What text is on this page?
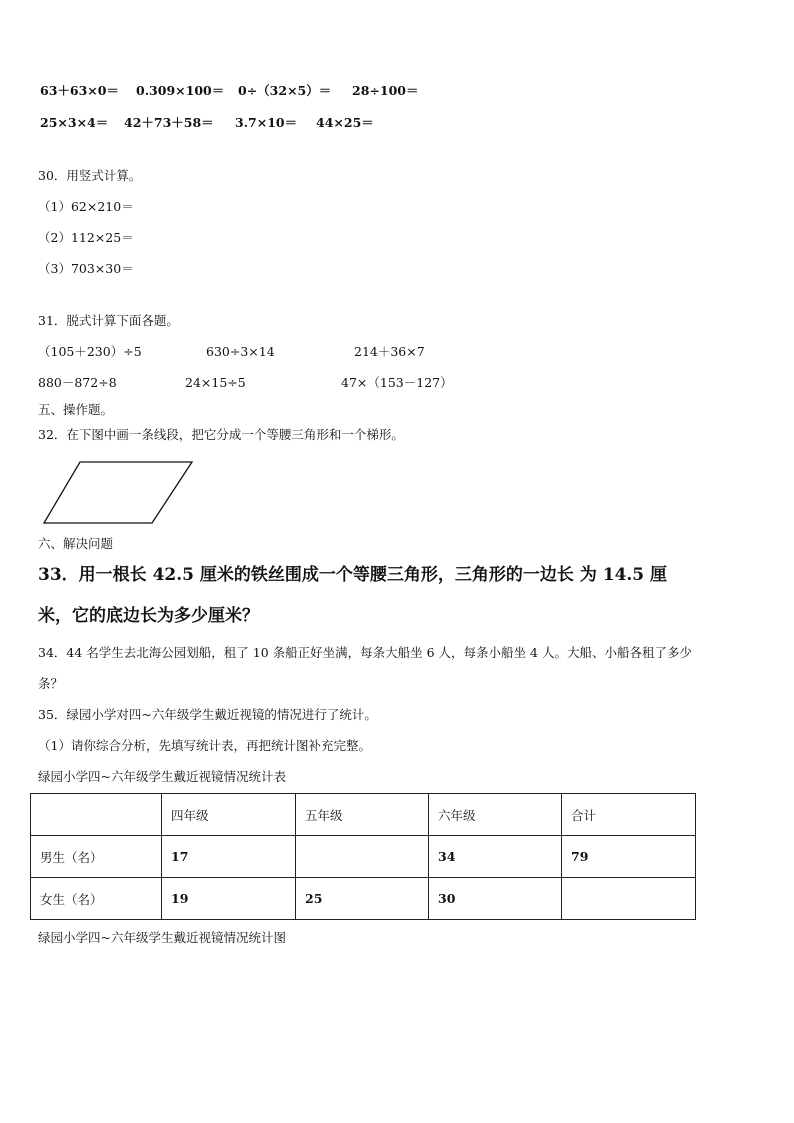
63＋63×0＝ 0.309×100＝ 0÷（32×5）＝ 28÷100＝
25×3×4＝ 42＋73＋58＝ 3.7×10＝ 44×25＝
30．用竖式计算。
（1）62×210＝
（2）112×25＝
（3）703×30＝
31．脱式计算下面各题。
（105＋230）÷5	630÷3×14	214＋36×7
880－872÷8	24×15÷5	47×（153－127）
五、操作题。
32．在下图中画一条线段，把它分成一个等腰三角形和一个梯形。
六、解决问题
33．用一根长 42.5 厘米的铁丝围成一个等腰三角形，三角形的一边长 为 14.5 厘
米，它的底边长为多少厘米？
34．44 名学生去北海公园划船，租了 10 条船正好坐满，每条大船坐 6 人，每条小船坐 4 人。大船、小船各租了多少
条？
35．绿园小学对四~六年级学生戴近视镜的情况进行了统计。
（1）请你综合分析，先填写统计表，再把统计图补充完整。
绿园小学四~六年级学生戴近视镜情况统计表
	四年级	五年级	六年级	合计
男生（名）	17		34	79
女生（名）	19	25	30	
绿园小学四~六年级学生戴近视镜情况统计图
